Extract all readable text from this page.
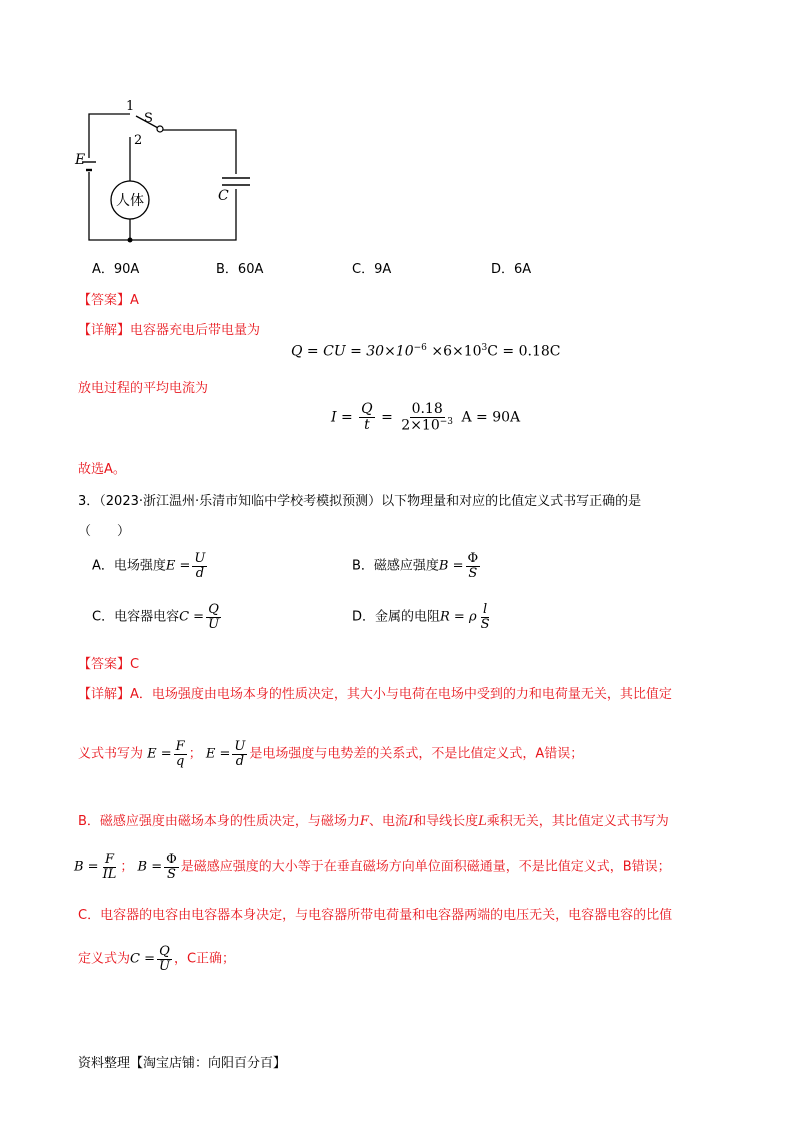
1
S
2
E
C
人体
A．90A	B．60A	C．9A	D．6A
【答案】A
【详解】电容器充电后带电量为
Q = CU = $30\times 10^{-6} \times 6\times 10^3C = 0.18C$
放电过程的平均电流为
$I = \frac{Q}{t} = \frac{0.18}{2\times 10^{-3}}$ A = 90A
故选A。
3．（2023·浙江温州·乐清市知临中学校考模拟预测）以下物理量和对应的比值定义式书写正确的是
（　　）
A．电场强度$E = \frac{U}{d}$	B．磁感应强度$B = \frac{\Phi}{S}$
C．电容器电容$C = \frac{Q}{U}$	D．金属的电阻R = ρ $\frac{l}{S}$
【答案】C
【详解】A．电场强度由电场本身的性质决定，其大小与电荷在电场中受到的力和电荷量无关，其比值定
义式书写为 $E = \frac{F}{q}$ ； $E = \frac{U}{d}$ 是电场强度与电势差的关系式，不是比值定义式，A错误；
B．磁感应强度由磁场本身的性质决定，与磁场力F、电流I和导线长度L乘积无关，其比值定义式书写为
$B = \frac{F}{IL}$ ； $B = \frac{\Phi}{S}$ 是磁感应强度的大小等于在垂直磁场方向单位面积磁通量，不是比值定义式，B错误；
C．电容器的电容由电容器本身决定，与电容器所带电荷量和电容器两端的电压无关，电容器电容的比值
定义式为$C = \frac{Q}{U}$ ，C正确；
资料整理【淘宝店铺：向阳百分百】
